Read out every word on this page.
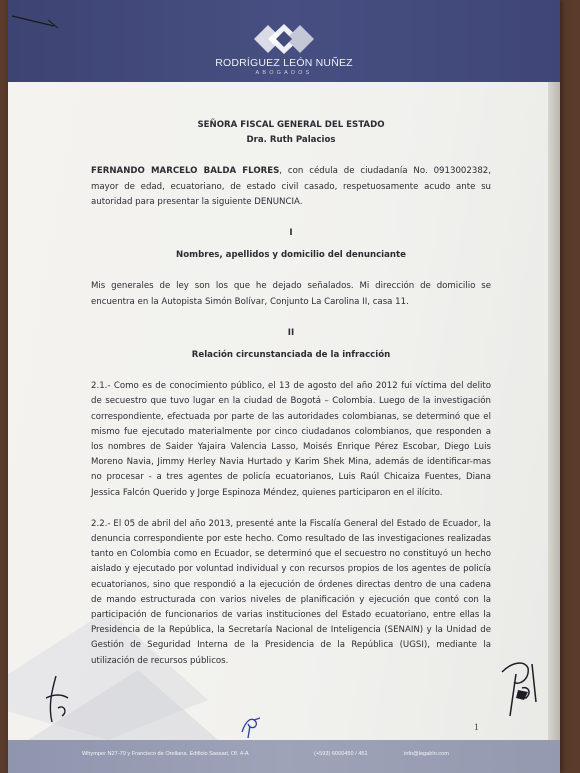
RODRÍGUEZ LEÓN NUÑEZ
ABOGADOS
SEÑORA FISCAL GENERAL DEL ESTADO
Dra. Ruth Palacios

FERNANDO MARCELO BALDA FLORES, con cédula de ciudadanía No. 0913002382, mayor de edad, ecuatoriano, de estado civil casado, respetuosamente acudo ante su autoridad para presentar la siguiente DENUNCIA.

I
Nombres, apellidos y domicilio del denunciante

Mis generales de ley son los que he dejado señalados. Mi dirección de domicilio se encuentra en la Autopista Simón Bolívar, Conjunto La Carolina II, casa 11.

II
Relación circunstanciada de la infracción

2.1.- Como es de conocimiento público, el 13 de agosto del año 2012 fui víctima del delito de secuestro que tuvo lugar en la ciudad de Bogotá – Colombia. Luego de la investigación correspondiente, efectuada por parte de las autoridades colombianas, se determinó que el mismo fue ejecutado materialmente por cinco ciudadanos colombianos, que responden a los nombres de Saider Yajaira Valencia Lasso, Moisés Enrique Pérez Escobar, Diego Luis Moreno Navia, Jimmy Herley Navia Hurtado y Karim Shek Mina, además de identificar-mas no procesar - a tres agentes de policía ecuatorianos, Luis Raúl Chicaiza Fuentes, Diana Jessica Falcón Querido y Jorge Espinoza Méndez, quienes participaron en el ilícito.

2.2.- El 05 de abril del año 2013, presenté ante la Fiscalía General del Estado de Ecuador, la denuncia correspondiente por este hecho. Como resultado de las investigaciones realizadas tanto en Colombia como en Ecuador, se determinó que el secuestro no constituyó un hecho aislado y ejecutado por voluntad individual y con recursos propios de los agentes de policía ecuatorianos, sino que respondió a la ejecución de órdenes directas dentro de una cadena de mando estructurada con varios niveles de planificación y ejecución que contó con la participación de funcionarios de varias instituciones del Estado ecuatoriano, entre ellas la Presidencia de la República, la Secretaría Nacional de Inteligencia (SENAIN) y la Unidad de Gestión de Seguridad Interna de la Presidencia de la República (UGSI), mediante la utilización de recursos públicos.

1
Whymper N27-70 y Francisco de Orellana. Edificio Sassari, Of. 4-A	(+593) 6000450 / 451	info@legalrln.com
